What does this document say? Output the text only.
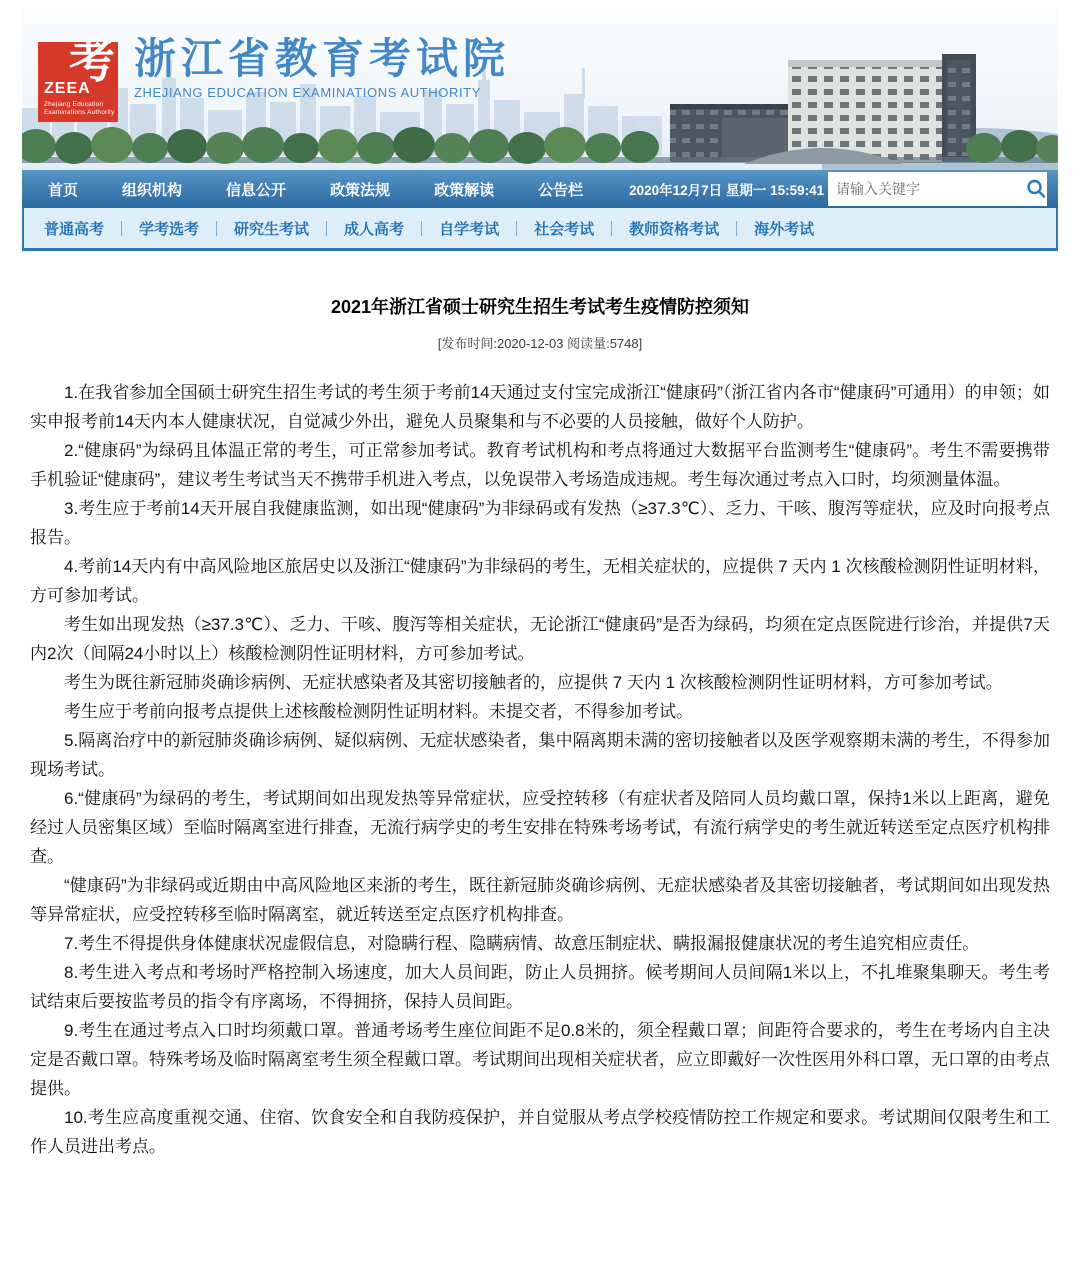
考
ZEEA
Zhejiang Education
Examinations Authority
浙江省教育考试院
ZHEJIANG EDUCATION EXAMINATIONS AUTHORITY
首页	组织机构	信息公开	政策法规	政策解读	公告栏	2020年12月7日 星期一 15:59:41
请输入关键字
普通高考 学考选考 研究生考试 成人高考 自学考试 社会考试 教师资格考试 海外考试
2021年浙江省硕士研究生招生考试考生疫情防控须知
[发布时间:2020-12-03 阅读量:5748]

1.在我省参加全国硕士研究生招生考试的考生须于考前14天通过支付宝完成浙江“健康码”（浙江省内各市“健康码”可通用）的申领；如实申报考前14天内本人健康状况，自觉减少外出，避免人员聚集和与不必要的人员接触，做好个人防护。

2.“健康码”为绿码且体温正常的考生，可正常参加考试。教育考试机构和考点将通过大数据平台监测考生“健康码”。考生不需要携带手机验证“健康码”，建议考生考试当天不携带手机进入考点，以免误带入考场造成违规。考生每次通过考点入口时，均须测量体温。

3.考生应于考前14天开展自我健康监测，如出现“健康码”为非绿码或有发热（≥37.3℃）、乏力、干咳、腹泻等症状，应及时向报考点报告。

4.考前14天内有中高风险地区旅居史以及浙江“健康码”为非绿码的考生，无相关症状的，应提供 7 天内 1 次核酸检测阴性证明材料，方可参加考试。

考生如出现发热（≥37.3℃）、乏力、干咳、腹泻等相关症状，无论浙江“健康码”是否为绿码，均须在定点医院进行诊治，并提供7天内2次（间隔24小时以上）核酸检测阴性证明材料，方可参加考试。

考生为既往新冠肺炎确诊病例、无症状感染者及其密切接触者的，应提供 7 天内 1 次核酸检测阴性证明材料，方可参加考试。

考生应于考前向报考点提供上述核酸检测阴性证明材料。未提交者，不得参加考试。

5.隔离治疗中的新冠肺炎确诊病例、疑似病例、无症状感染者，集中隔离期未满的密切接触者以及医学观察期未满的考生，不得参加现场考试。

6.“健康码”为绿码的考生，考试期间如出现发热等异常症状，应受控转移（有症状者及陪同人员均戴口罩，保持1米以上距离，避免经过人员密集区域）至临时隔离室进行排查，无流行病学史的考生安排在特殊考场考试，有流行病学史的考生就近转送至定点医疗机构排查。

“健康码”为非绿码或近期由中高风险地区来浙的考生，既往新冠肺炎确诊病例、无症状感染者及其密切接触者，考试期间如出现发热等异常症状，应受控转移至临时隔离室，就近转送至定点医疗机构排查。

7.考生不得提供身体健康状况虚假信息，对隐瞒行程、隐瞒病情、故意压制症状、瞒报漏报健康状况的考生追究相应责任。

8.考生进入考点和考场时严格控制入场速度，加大人员间距，防止人员拥挤。候考期间人员间隔1米以上，不扎堆聚集聊天。考生考试结束后要按监考员的指令有序离场，不得拥挤，保持人员间距。

9.考生在通过考点入口时均须戴口罩。普通考场考生座位间距不足0.8米的，须全程戴口罩；间距符合要求的，考生在考场内自主决定是否戴口罩。特殊考场及临时隔离室考生须全程戴口罩。考试期间出现相关症状者，应立即戴好一次性医用外科口罩，无口罩的由考点提供。

10.考生应高度重视交通、住宿、饮食安全和自我防疫保护，并自觉服从考点学校疫情防控工作规定和要求。考试期间仅限考生和工作人员进出考点。
